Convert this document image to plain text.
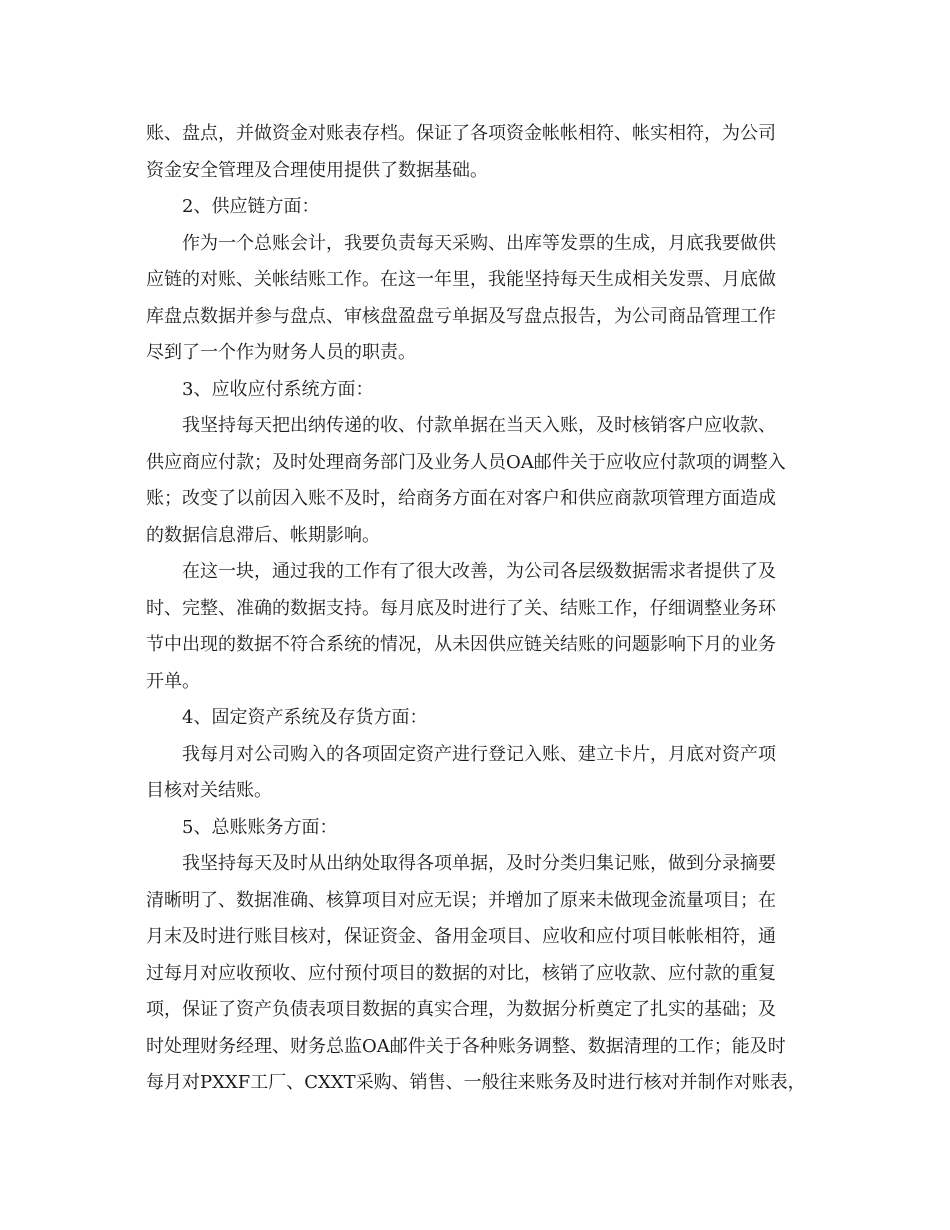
账、盘点，并做资金对账表存档。保证了各项资金帐帐相符、帐实相符，为公司
资金安全管理及合理使用提供了数据基础。
2、供应链方面：
作为一个总账会计，我要负责每天采购、出库等发票的生成，月底我要做供
应链的对账、关帐结账工作。在这一年里，我能坚持每天生成相关发票、月底做
库盘点数据并参与盘点、审核盘盈盘亏单据及写盘点报告，为公司商品管理工作
尽到了一个作为财务人员的职责。
3、应收应付系统方面：
我坚持每天把出纳传递的收、付款单据在当天入账，及时核销客户应收款、
供应商应付款；及时处理商务部门及业务人员OA邮件关于应收应付款项的调整入
账；改变了以前因入账不及时，给商务方面在对客户和供应商款项管理方面造成
的数据信息滞后、帐期影响。
在这一块，通过我的工作有了很大改善，为公司各层级数据需求者提供了及
时、完整、准确的数据支持。每月底及时进行了关、结账工作，仔细调整业务环
节中出现的数据不符合系统的情况，从未因供应链关结账的问题影响下月的业务
开单。
4、固定资产系统及存货方面：
我每月对公司购入的各项固定资产进行登记入账、建立卡片，月底对资产项
目核对关结账。
5、总账账务方面：
我坚持每天及时从出纳处取得各项单据，及时分类归集记账，做到分录摘要
清晰明了、数据准确、核算项目对应无误；并增加了原来未做现金流量项目；在
月末及时进行账目核对，保证资金、备用金项目、应收和应付项目帐帐相符，通
过每月对应收预收、应付预付项目的数据的对比，核销了应收款、应付款的重复
项，保证了资产负债表项目数据的真实合理，为数据分析奠定了扎实的基础；及
时处理财务经理、财务总监OA邮件关于各种账务调整、数据清理的工作；能及时
每月对PXXF工厂、CXXT采购、销售、一般往来账务及时进行核对并制作对账表，
